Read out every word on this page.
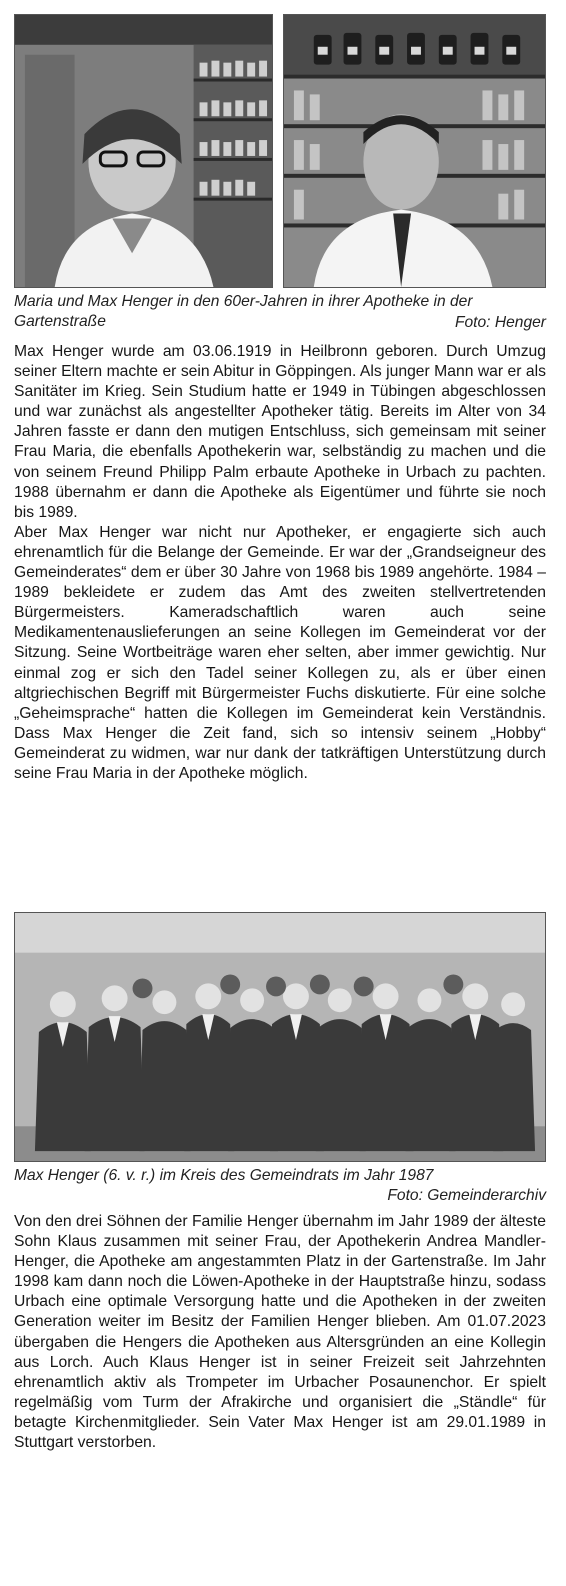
Maria und Max Henger in den 60er-Jahren in ihrer Apotheke in der Gartenstraße	Foto: Henger

Max Henger wurde am 03.06.1919 in Heilbronn geboren. Durch Umzug seiner Eltern machte er sein Abitur in Göppingen. Als junger Mann war er als Sanitäter im Krieg. Sein Studium hatte er 1949 in Tübingen abgeschlossen und war zunächst als angestellter Apotheker tätig. Bereits im Alter von 34 Jahren fasste er dann den mutigen Entschluss, sich gemeinsam mit seiner Frau Maria, die ebenfalls Apothekerin war, selbständig zu machen und die von seinem Freund Philipp Palm erbaute Apotheke in Urbach zu pachten. 1988 übernahm er dann die Apotheke als Eigentümer und führte sie noch bis 1989.

Aber Max Henger war nicht nur Apotheker, er engagierte sich auch ehrenamtlich für die Belange der Gemeinde. Er war der „Grandseigneur des Gemeinderates“ dem er über 30 Jahre von 1968 bis 1989 angehörte. 1984 – 1989 bekleidete er zudem das Amt des zweiten stellvertretenden Bürgermeisters. Kameradschaftlich waren auch seine Medikamentenauslieferungen an seine Kollegen im Gemeinderat vor der Sitzung. Seine Wortbeiträge waren eher selten, aber immer gewichtig. Nur einmal zog er sich den Tadel seiner Kollegen zu, als er über einen altgriechischen Begriff mit Bürgermeister Fuchs diskutierte. Für eine solche „Geheimsprache“ hatten die Kollegen im Gemeinderat kein Verständnis. Dass Max Henger die Zeit fand, sich so intensiv seinem „Hobby“ Gemeinderat zu widmen, war nur dank der tatkräftigen Unterstützung durch seine Frau Maria in der Apotheke möglich.

Max Henger (6. v. r.) im Kreis des Gemeindrats im Jahr 1987
Foto: Gemeinderarchiv

Von den drei Söhnen der Familie Henger übernahm im Jahr 1989 der älteste Sohn Klaus zusammen mit seiner Frau, der Apothekerin Andrea Mandler-Henger, die Apotheke am angestammten Platz in der Gartenstraße. Im Jahr 1998 kam dann noch die Löwen-Apotheke in der Hauptstraße hinzu, sodass Urbach eine optimale Versorgung hatte und die Apotheken in der zweiten Generation weiter im Besitz der Familien Henger blieben. Am 01.07.2023 übergaben die Hengers die Apotheken aus Altersgründen an eine Kollegin aus Lorch. Auch Klaus Henger ist in seiner Freizeit seit Jahrzehnten ehrenamtlich aktiv als Trompeter im Urbacher Posaunenchor. Er spielt regelmäßig vom Turm der Afrakirche und organisiert die „Ständle“ für betagte Kirchenmitglieder. Sein Vater Max Henger ist am 29.01.1989 in Stuttgart verstorben.
